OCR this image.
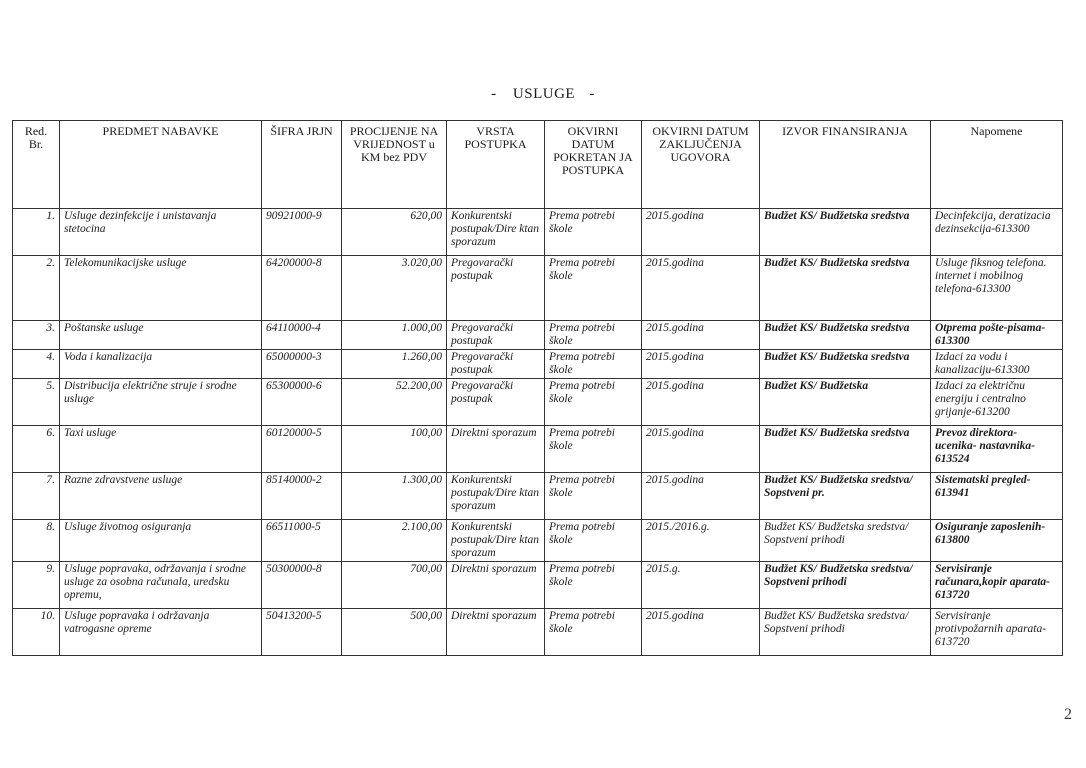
- USLUGE -
Red. Br.	PREDMET NABAVKE	ŠIFRA JRJN	PROCIJENJE NA VRIJEDNOST u KM bez PDV	VRSTA POSTUPKA	OKVIRNI DATUM POKRETAN JA POSTUPKA	OKVIRNI DATUM ZAKLJUČENJA UGOVORA	IZVOR FINANSIRANJA	Napomene
1.	Usluge dezinfekcije i unistavanja stetocina	90921000-9	620,00	Konkurentski postupak/Dire ktan sporazum	Prema potrebi škole	2015.godina	Budžet KS/ Budžetska sredstva	Decinfekcija, deratizacia dezinsekcija-613300
2.	Telekomunikacijske usluge	64200000-8	3.020,00	Pregovarački postupak	Prema potrebi škole	2015.godina	Budžet KS/ Budžetska sredstva	Usluge fiksnog telefona. internet i mobilnog telefona-613300
3.	Poštanske usluge	64110000-4	1.000,00	Pregovarački postupak	Prema potrebi škole	2015.godina	Budžet KS/ Budžetska sredstva	Otprema pošte-pisama-613300
4.	Voda i kanalizacija	65000000-3	1.260,00	Pregovarački postupak	Prema potrebi škole	2015.godina	Budžet KS/ Budžetska sredstva	Izdaci za vodu i kanalizaciju-613300
5.	Distribucija električne struje i srodne usluge	65300000-6	52.200,00	Pregovarački postupak	Prema potrebi škole	2015.godina	Budžet KS/ Budžetska	Izdaci za električnu energiju i centralno grijanje-613200
6.	Taxi usluge	60120000-5	100,00	Direktni sporazum	Prema potrebi škole	2015.godina	Budžet KS/ Budžetska sredstva	Prevoz direktora-ucenika- nastavnika-613524
7.	Razne zdravstvene usluge	85140000-2	1.300,00	Konkurentski postupak/Dire ktan sporazum	Prema potrebi škole	2015.godina	Budžet KS/ Budžetska sredstva/ Sopstveni pr.	Sistematski pregled-613941
8.	Usluge životnog osiguranja	66511000-5	2.100,00	Konkurentski postupak/Dire ktan sporazum	Prema potrebi škole	2015./2016.g.	Budžet KS/ Budžetska sredstva/ Sopstveni prihodi	Osiguranje zaposlenih-613800
9.	Usluge popravaka, održavanja i srodne usluge za osobna računala, uredsku opremu,	50300000-8	700,00	Direktni sporazum	Prema potrebi škole	2015.g.	Budžet KS/ Budžetska sredstva/ Sopstveni prihodi	Servisiranje računara,kopir aparata-613720
10.	Usluge popravaka i održavanja vatrogasne opreme	50413200-5	500,00	Direktni sporazum	Prema potrebi škole	2015.godina	Budžet KS/ Budžetska sredstva/ Sopstveni prihodi	Servisiranje protivpožarnih aparata-613720
2
